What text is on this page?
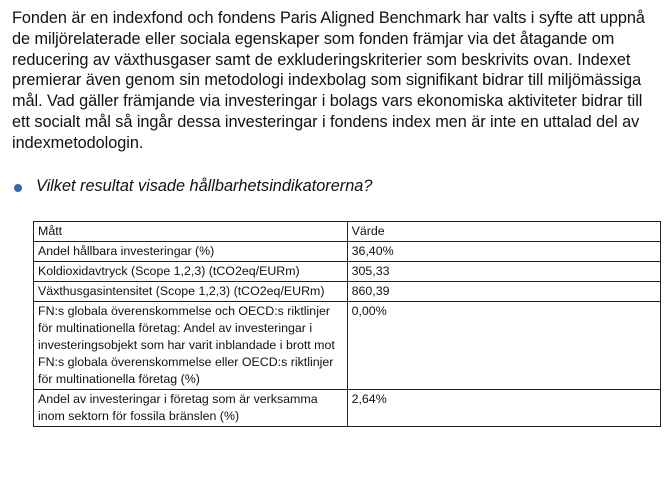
Fonden är en indexfond och fondens Paris Aligned Benchmark har valts i syfte att uppnå de miljörelaterade eller sociala egenskaper som fonden främjar via det åtagande om reducering av växthusgaser samt de exkluderingskriterier som beskrivits ovan. Indexet premierar även genom sin metodologi indexbolag som signifikant bidrar till miljömässiga mål. Vad gäller främjande via investeringar i bolags vars ekonomiska aktiviteter bidrar till ett socialt mål så ingår dessa investeringar i fondens index men är inte en uttalad del av indexmetodologin.

Vilket resultat visade hållbarhetsindikatorerna?
Mått	Värde
Andel hållbara investeringar (%)	36,40%
Koldioxidavtryck (Scope 1,2,3) (tCO2eq/EURm)	305,33
Växthusgasintensitet (Scope 1,2,3) (tCO2eq/EURm)	860,39
FN:s globala överenskommelse och OECD:s riktlinjer för multinationella företag: Andel av investeringar i investeringsobjekt som har varit inblandade i brott mot FN:s globala överenskommelse eller OECD:s riktlinjer för multinationella företag (%)	0,00%
Andel av investeringar i företag som är verksamma inom sektorn för fossila bränslen (%)	2,64%
